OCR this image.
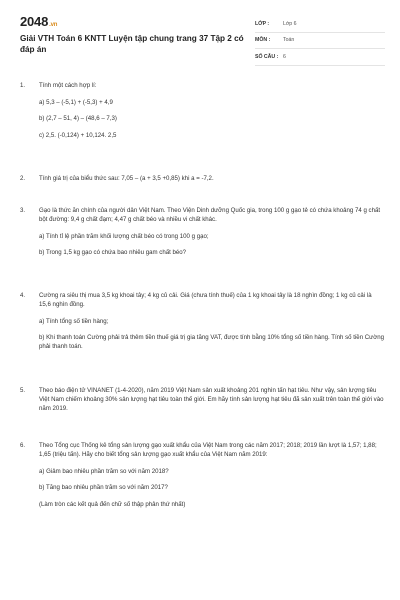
2048.vn
Giải VTH Toán 6 KNTT Luyện tập chung trang 37 Tập 2 có đáp án
LỚP :	Lớp 6
MÔN :	Toán
SỐ CÂU : 6
1. Tính một cách hợp lí:

a) 5,3 – (-5,1) + (-5,3) + 4,9

b) (2,7 – 51, 4) – (48,6 – 7,3)

c) 2,5. (-0,124) + 10,124. 2,5

2. Tính giá trị của biểu thức sau: 7,05 – (a + 3,5 +0,85) khi a = -7,2.

3. Gạo là thức ăn chính của người dân Việt Nam. Theo Viện Dinh dưỡng Quốc gia, trong 100 g gạo tẻ có chứa khoảng 74 g chất bột đường: 9,4 g chất đạm; 4,47 g chất béo và nhiều vi chất khác.

a) Tính tỉ lệ phần trăm khối lượng chất béo có trong 100 g gạo;

b) Trong 1,5 kg gạo có chứa bao nhiêu gam chất béo?

4. Cường ra siêu thị mua 3,5 kg khoai tây; 4 kg củ cải. Giá (chưa tính thuế) của 1 kg khoai tây là 18 nghìn đồng; 1 kg củ cải là 15,6 nghìn đồng.

a) Tính tổng số tiền hàng;

b) Khi thanh toán Cường phải trả thêm tiền thuế giá trị gia tăng VAT, được tính bằng 10% tổng số tiền hàng. Tính số tiền Cường phải thanh toán.

5. Theo báo điện tử VINANET (1-4-2020), năm 2019 Việt Nam sản xuất khoảng 201 nghìn tấn hạt tiêu. Như vậy, sản lượng tiêu Việt Nam chiếm khoảng 30% sản lượng hạt tiêu toàn thế giới. Em hãy tính sản lượng hạt tiêu đã sản xuất trên toàn thế giới vào năm 2019.

6. Theo Tổng cục Thống kê tổng sản lượng gạo xuất khẩu của Việt Nam trong các năm 2017; 2018; 2019 lần lượt là 1,57; 1,88; 1,65 (triệu tấn). Hãy cho biết tổng sản lượng gạo xuất khẩu của Việt Nam năm 2019:

a) Giảm bao nhiêu phần trăm so với năm 2018?

b) Tăng bao nhiêu phần trăm so với năm 2017?

(Làm tròn các kết quả đến chữ số thập phân thứ nhất)
